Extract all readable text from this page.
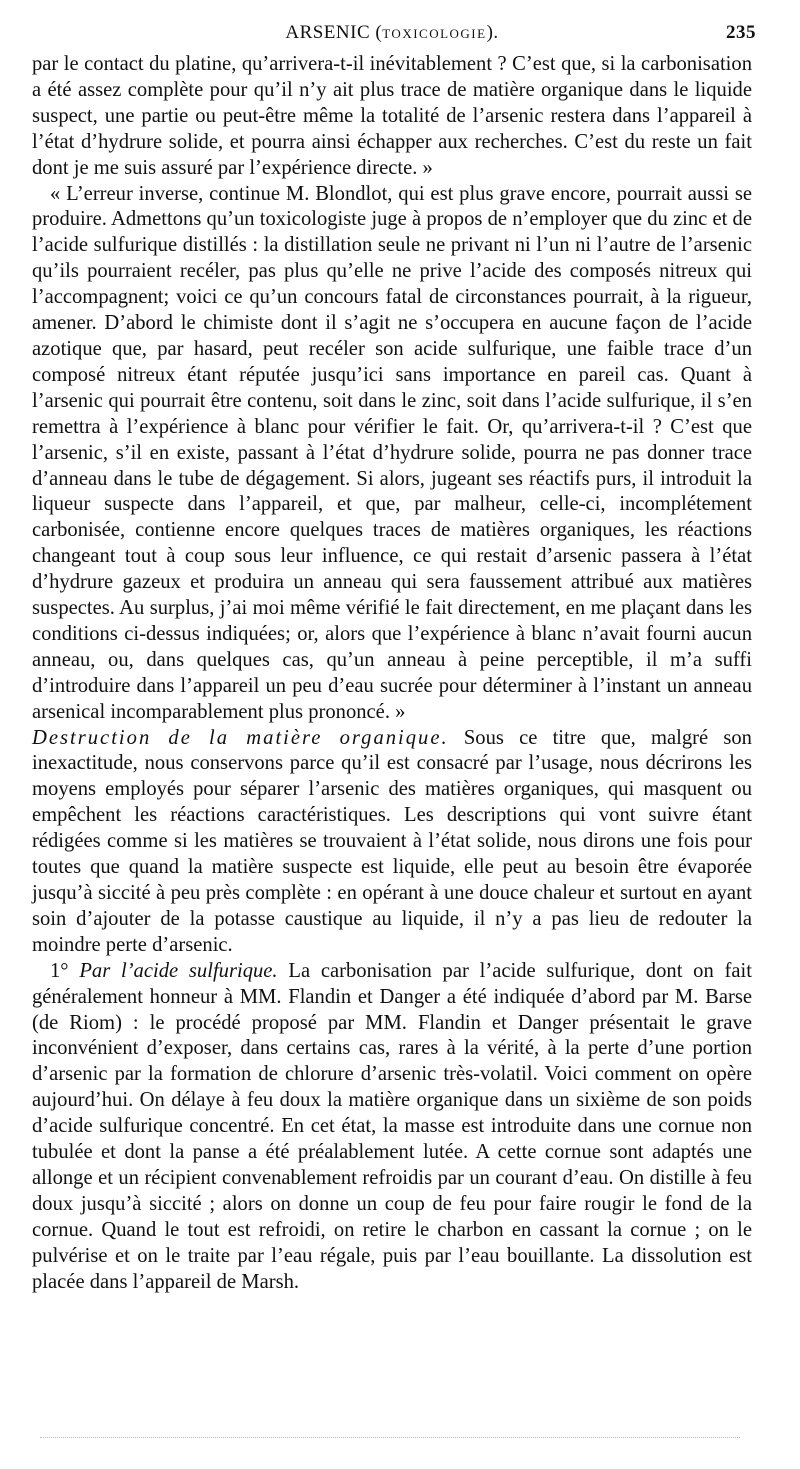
ARSENIC (TOXICOLOGIE).	235

par le contact du platine, qu’arrivera-t-il inévitablement ? C’est que, si la carbonisation a été assez complète pour qu’il n’y ait plus trace de matière organique dans le liquide suspect, une partie ou peut-être même la totalité de l’arsenic restera dans l’appareil à l’état d’hydrure solide, et pourra ainsi échapper aux recherches. C’est du reste un fait dont je me suis assuré par l’expérience directe. »

« L’erreur inverse, continue M. Blondlot, qui est plus grave encore, pourrait aussi se produire. Admettons qu’un toxicologiste juge à propos de n’employer que du zinc et de l’acide sulfurique distillés : la distillation seule ne privant ni l’un ni l’autre de l’arsenic qu’ils pourraient recéler, pas plus qu’elle ne prive l’acide des composés nitreux qui l’accompagnent; voici ce qu’un concours fatal de circonstances pourrait, à la rigueur, amener. D’abord le chimiste dont il s’agit ne s’occupera en aucune façon de l’acide azotique que, par hasard, peut recéler son acide sulfurique, une faible trace d’un composé nitreux étant réputée jusqu’ici sans importance en pareil cas. Quant à l’arsenic qui pourrait être contenu, soit dans le zinc, soit dans l’acide sulfurique, il s’en remettra à l’expérience à blanc pour vérifier le fait. Or, qu’arrivera-t-il ? C’est que l’arsenic, s’il en existe, passant à l’état d’hydrure solide, pourra ne pas donner trace d’anneau dans le tube de dégagement. Si alors, jugeant ses réactifs purs, il introduit la liqueur suspecte dans l’appareil, et que, par malheur, celle-ci, incomplétement carbonisée, contienne encore quelques traces de matières organiques, les réactions changeant tout à coup sous leur influence, ce qui restait d’arsenic passera à l’état d’hydrure gazeux et produira un anneau qui sera faussement attribué aux matières suspectes. Au surplus, j’ai moi même vérifié le fait directement, en me plaçant dans les conditions ci-dessus indiquées; or, alors que l’expérience à blanc n’avait fourni aucun anneau, ou, dans quelques cas, qu’un anneau à peine perceptible, il m’a suffi d’introduire dans l’appareil un peu d’eau sucrée pour déterminer à l’instant un anneau arsenical incomparablement plus prononcé. »

Destruction de la matière organique. Sous ce titre que, malgré son inexactitude, nous conservons parce qu’il est consacré par l’usage, nous décrirons les moyens employés pour séparer l’arsenic des matières organiques, qui masquent ou empêchent les réactions caractéristiques. Les descriptions qui vont suivre étant rédigées comme si les matières se trouvaient à l’état solide, nous dirons une fois pour toutes que quand la matière suspecte est liquide, elle peut au besoin être évaporée jusqu’à siccité à peu près complète : en opérant à une douce chaleur et surtout en ayant soin d’ajouter de la potasse caustique au liquide, il n’y a pas lieu de redouter la moindre perte d’arsenic.

1° Par l’acide sulfurique. La carbonisation par l’acide sulfurique, dont on fait généralement honneur à MM. Flandin et Danger a été indiquée d’abord par M. Barse (de Riom) : le procédé proposé par MM. Flandin et Danger présentait le grave inconvénient d’exposer, dans certains cas, rares à la vérité, à la perte d’une portion d’arsenic par la formation de chlorure d’arsenic très-volatil. Voici comment on opère aujourd’hui. On délaye à feu doux la matière organique dans un sixième de son poids d’acide sulfurique concentré. En cet état, la masse est introduite dans une cornue non tubulée et dont la panse a été préalablement lutée. A cette cornue sont adaptés une allonge et un récipient convenablement refroidis par un courant d’eau. On distille à feu doux jusqu’à siccité ; alors on donne un coup de feu pour faire rougir le fond de la cornue. Quand le tout est refroidi, on retire le charbon en cassant la cornue ; on le pulvérise et on le traite par l’eau régale, puis par l’eau bouillante. La dissolution est placée dans l’appareil de Marsh.
